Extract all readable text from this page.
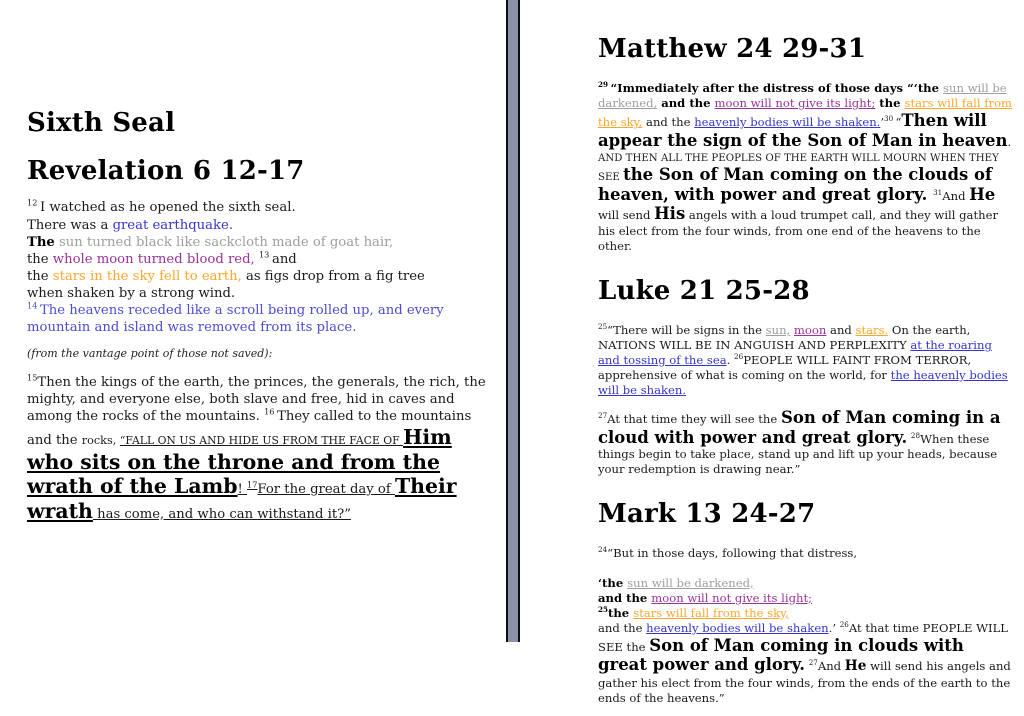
Sixth Seal
Revelation 6 12-17

$^{12}$ I watched as he opened the sixth seal.
There was a great earthquake.
The sun turned black like sackcloth made of goat hair,
the whole moon turned blood red, $^{13}$ and
the stars in the sky fell to earth, as figs drop from a fig tree
when shaken by a strong wind.
$^{14}$ The heavens receded like a scroll being rolled up, and every mountain and island was removed from its place.

(from the vantage point of those not saved):

$^{15}$Then the kings of the earth, the princes, the generals, the rich, the mighty, and everyone else, both slave and free, hid in caves and among the rocks of the mountains. $^{16}$ They called to the mountains and the rocks, “FALL ON US AND HIDE US FROM THE FACE OF Him who sits on the throne and from the wrath of the Lamb! $^{17}$For the great day of Their wrath has come, and who can withstand it?”

Matthew 24 29-31

$^{29}$ “Immediately after the distress of those days “‘the sun will be darkened, and the moon will not give its light; the stars will fall from the sky, and the heavenly bodies will be shaken.’$^{30}$ “Then will appear the sign of the Son of Man in heaven. AND THEN ALL THE PEOPLES OF THE EARTH WILL MOURN WHEN THEY SEE the Son of Man coming on the clouds of heaven, with power and great glory. $^{31}$And He will send His angels with a loud trumpet call, and they will gather his elect from the four winds, from one end of the heavens to the other.

Luke 21 25-28

$^{25}$“There will be signs in the sun, moon and stars. On the earth, NATIONS WILL BE IN ANGUISH AND PERPLEXITY at the roaring and tossing of the sea. $^{26}$PEOPLE WILL FAINT FROM TERROR, apprehensive of what is coming on the world, for the heavenly bodies will be shaken.

$^{27}$At that time they will see the Son of Man coming in a cloud with power and great glory. $^{28}$When these things begin to take place, stand up and lift up your heads, because your redemption is drawing near.”

Mark 13 24-27

$^{24}$“But in those days, following that distress,

‘the sun will be darkened,
and the moon will not give its light;
$^{25}$the stars will fall from the sky,
and the heavenly bodies will be shaken.’ $^{26}$At that time PEOPLE WILL SEE the Son of Man coming in clouds with great power and glory. $^{27}$And He will send his angels and gather his elect from the four winds, from the ends of the earth to the ends of the heavens.”
